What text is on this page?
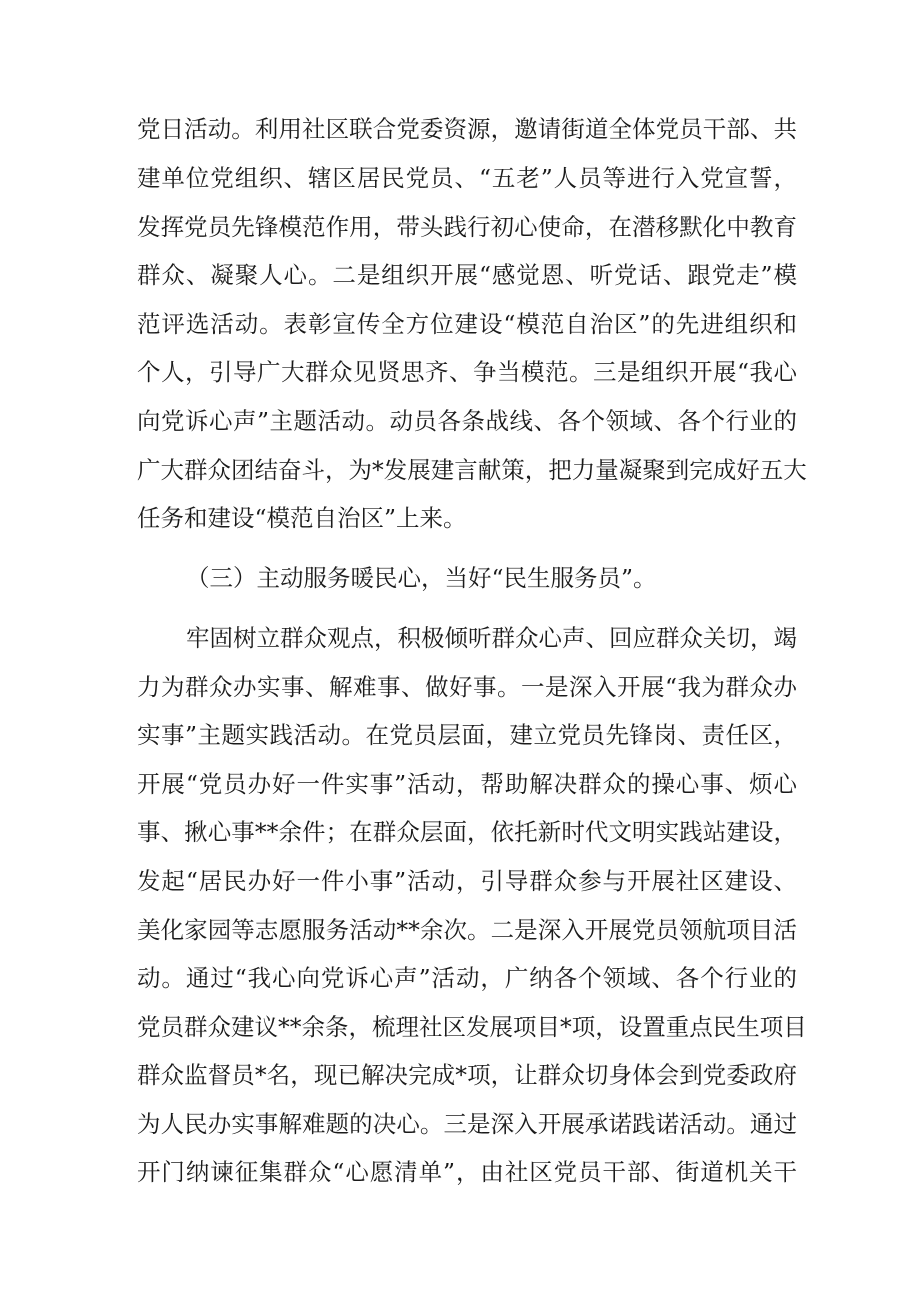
党日活动。利用社区联合党委资源，邀请街道全体党员干部、共
建单位党组织、辖区居民党员、“五老”人员等进行入党宣誓，
发挥党员先锋模范作用，带头践行初心使命，在潜移默化中教育
群众、凝聚人心。二是组织开展“感觉恩、听党话、跟党走”模
范评选活动。表彰宣传全方位建设“模范自治区”的先进组织和
个人，引导广大群众见贤思齐、争当模范。三是组织开展“我心
向党诉心声”主题活动。动员各条战线、各个领域、各个行业的
广大群众团结奋斗，为*发展建言献策，把力量凝聚到完成好五大
任务和建设“模范自治区”上来。
（三）主动服务暖民心，当好“民生服务员”。
牢固树立群众观点，积极倾听群众心声、回应群众关切，竭
力为群众办实事、解难事、做好事。一是深入开展“我为群众办
实事”主题实践活动。在党员层面，建立党员先锋岗、责任区，
开展“党员办好一件实事”活动，帮助解决群众的操心事、烦心
事、揪心事**余件；在群众层面，依托新时代文明实践站建设，
发起“居民办好一件小事”活动，引导群众参与开展社区建设、
美化家园等志愿服务活动**余次。二是深入开展党员领航项目活
动。通过“我心向党诉心声”活动，广纳各个领域、各个行业的
党员群众建议**余条，梳理社区发展项目*项，设置重点民生项目
群众监督员*名，现已解决完成*项，让群众切身体会到党委政府
为人民办实事解难题的决心。三是深入开展承诺践诺活动。通过
开门纳谏征集群众“心愿清单”，由社区党员干部、街道机关干
